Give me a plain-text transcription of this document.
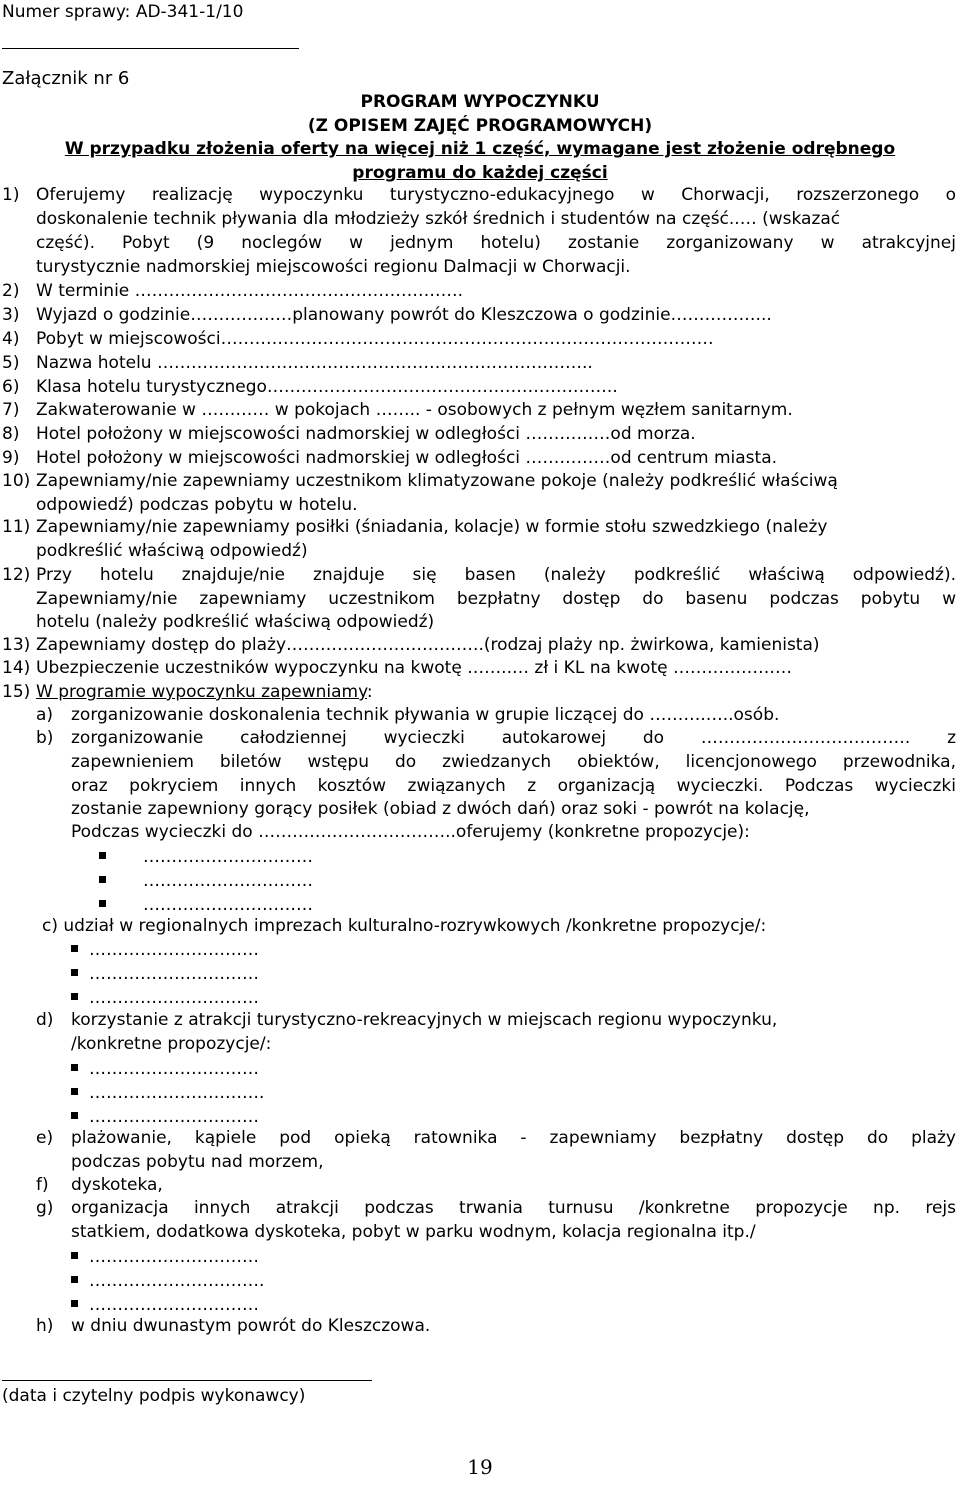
Numer sprawy: AD-341-1/10
Załącznik nr 6
PROGRAM WYPOCZYNKU
(Z OPISEM ZAJĘĆ PROGRAMOWYCH)
W przypadku złożenia oferty na więcej niż 1 część, wymagane jest złożenie odrębnego
programu do każdej części
1) Oferujemy realizację wypoczynku turystyczno-edukacyjnego w Chorwacji, rozszerzonego o
doskonalenie technik pływania dla młodzieży szkół średnich i studentów na część..… (wskazać
część). Pobyt (9 noclegów w jednym hotelu) zostanie zorganizowany w atrakcyjnej
turystycznie nadmorskiej miejscowości regionu Dalmacji w Chorwacji.
2) W terminie ………………………………………………….
3) Wyjazd o godzinie………………planowany powrót do Kleszczowa o godzinie……………...
4) Pobyt w miejscowości……………………………………………………………………………
5) Nazwa hotelu …………………………………………………………………..
6) Klasa hotelu turystycznego……………………………………………………..
7) Zakwaterowanie w ………… w pokojach …….. - osobowych z pełnym węzłem sanitarnym.
8) Hotel położony w miejscowości nadmorskiej w odległości ……………od morza.
9) Hotel położony w miejscowości nadmorskiej w odległości ……………od centrum miasta.
10) Zapewniamy/nie zapewniamy uczestnikom klimatyzowane pokoje (należy podkreślić właściwą
odpowiedź) podczas pobytu w hotelu.
11) Zapewniamy/nie zapewniamy posiłki (śniadania, kolacje) w formie stołu szwedzkiego (należy
podkreślić właściwą odpowiedź)
12) Przy hotelu znajduje/nie znajduje się basen (należy podkreślić właściwą odpowiedź).
Zapewniamy/nie zapewniamy uczestnikom bezpłatny dostęp do basenu podczas pobytu w
hotelu (należy podkreślić właściwą odpowiedź)
13) Zapewniamy dostęp do plaży……………………………..(rodzaj plaży np. żwirkowa, kamienista)
14) Ubezpieczenie uczestników wypoczynku na kwotę ……..… zł i KL na kwotę …………………
15) W programie wypoczynku zapewniamy:
a) zorganizowanie doskonalenia technik pływania w grupie liczącej do ……….…..osób.
b) zorganizowanie całodziennej wycieczki autokarowej do ………………………………. z
zapewnieniem biletów wstępu do zwiedzanych obiektów, licencjonowego przewodnika,
oraz pokryciem innych kosztów związanych z organizacją wycieczki. Podczas wycieczki
zostanie zapewniony gorący posiłek (obiad z dwóch dań) oraz soki - powrót na kolację,
Podczas wycieczki do ……………………………..oferujemy (konkretne propozycje):
…………………………
…………………………
…………………………
c) udział w regionalnych imprezach kulturalno-rozrywkowych /konkretne propozycje/:
…………………………
…………………………
…………………………
d) korzystanie z atrakcji turystyczno-rekreacyjnych w miejscach regionu wypoczynku,
/konkretne propozycje/:
…………………………
………………………….
…………………………
e) plażowanie, kąpiele pod opieką ratownika - zapewniamy bezpłatny dostęp do plaży
podczas pobytu nad morzem,
f) dyskoteka,
g) organizacja innych atrakcji podczas trwania turnusu /konkretne propozycje np. rejs
statkiem, dodatkowa dyskoteka, pobyt w parku wodnym, kolacja regionalna itp./
…………………………
………………………….
…………………………
h) w dniu dwunastym powrót do Kleszczowa.
(data i czytelny podpis wykonawcy)
19
